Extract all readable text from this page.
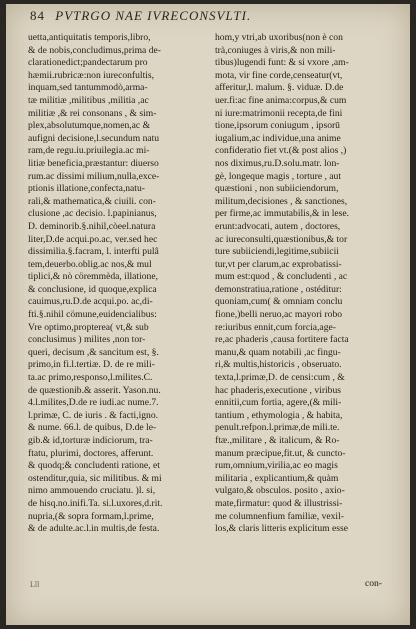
84 PVTRGO NAE IVRECONSVLTI.
uetta,antiquitatis temporis,libro,
& de nobis,concludimus,prima de-
clarationedict;pandectarum pro
hæmii.rubricæ:non iureconfultis,
inquam,sed tantummodò,arma-
tæ militiæ ,militibus ,militia ,ac
militiæ ,& rei consonans , & sim-
plex,absolutumque,nomen,ac &
aufigni decisione,l.secundum natu
ram,de regu.iu.priuilegia.ac mi-
litiæ beneficia,præstantur: diuerso
rum.ac dissimi milium,nulla,exce-
ptionis illatione,confecta,natu-
rali,& mathematica,& ciuili. con-
clusione ,ac decisio. l.papinianus,
D. deminorib.§.nihil,còeel.natura
liter,D.de acqui.po.ac, ver.sed hec
dissimilia.§.facram, l. interfti pulâ
tem,deuerbo.oblig.ac nos,& mul
tiplici,& nò cöremmèda, illatione,
& conclusione, id quoque,explica
cauimus,ru.D.de acqui.po. ac,di-
fti.§.nihil cömune,euidencialibus:
Vre optimo,propterea( vt,& sub
conclusimus ) milites ,non tor-
queri, decisum ,& sancitum est, §.
primo,in fi.l.tertiæ. D. de re mili-
ta.ac primo,responso,l.milites.C.
de quæstionib.& asserit. Yason.nu.
4.l.milites,D.de re iudi.ac nume.7.
l.primæ, C. de iuris . & facti,igno.
& nume. 66.l. de quibus, D.de le-
gib.& id,torturæ indiciorum, tra-
ftatu, plurimi, doctores, afferunt.
& quodq;& concludenti ratione, et
ostenditur,quia, sic militibus. & mi
nimo ammouendo cruciatu. )l. si,
de hisq.no.inifi.Ta. si.l.uxores,d.rit.
nupria,(& sopra formam,l.prime,
& de adulte.ac.l.in multis,de festa.
hom,y vtri,ab uxoribus(non è con
trà,coniuges à viris,& non mili-
tibus)lugendi funt: & si vxore ,am-
mota, vir fine corde,censeatur(vt,
afferitur,l. malum. §. viduæ. D.de
uer.fi:ac fine anima:corpus,& cum
ni iure:matrimonii recepta,de fini
tione,ipsorum coniugum , ipsorū
iugalium,ac individue,una anime
confideratio fiet vt.(& post alios ,)
nos diximus,ru.D.solu.matr. lon-
gè, longeque magis , torture , aut
quæstioni , non subiiciendorum,
militum,decisiones , & sanctiones,
per firme,ac immutabilis,& in lese.
erunt:advocati, autem , doctores,
ac iureconsulti,quæstionibus,& tor
ture subiiciendi,legitime,subiicii
tur,vt per clarum,ac exprobatissi-
mum est:quod , & concludenti , ac
demonstratiua,ratione , ostéditur:
quoniam,cum( & omniam conclu
fione,)belli neruo,ac mayori robo
re:iuribus ennit,cum forcia,age-
re,ac phaderis ,causa fortitere facta
manu,& quam notabili ,ac fingu-
ri,& multis,historicis , obseruato.
texta,l.primæ,D. de censi:cum , &
hac phaderis,executione , viribus
ennitii,cum fortia, agere,(& mili-
tantium , ethymologia , & habita,
penult.refpon.l.primæ,de mili.te.
ftæ.,militare , & italicum, & Ro-
manum præcipue,fit.ut, & cuncto-
rum,omnium,virilia,ac eo magis
militaria , explicantium,& quàm
vulgato,& obsculos. posito , axio-
mate,firmatur: quod & illustrissi-
me columnenfium familiæ, vexil-
los,& claris litteris explicitum esse
Lll	con-
